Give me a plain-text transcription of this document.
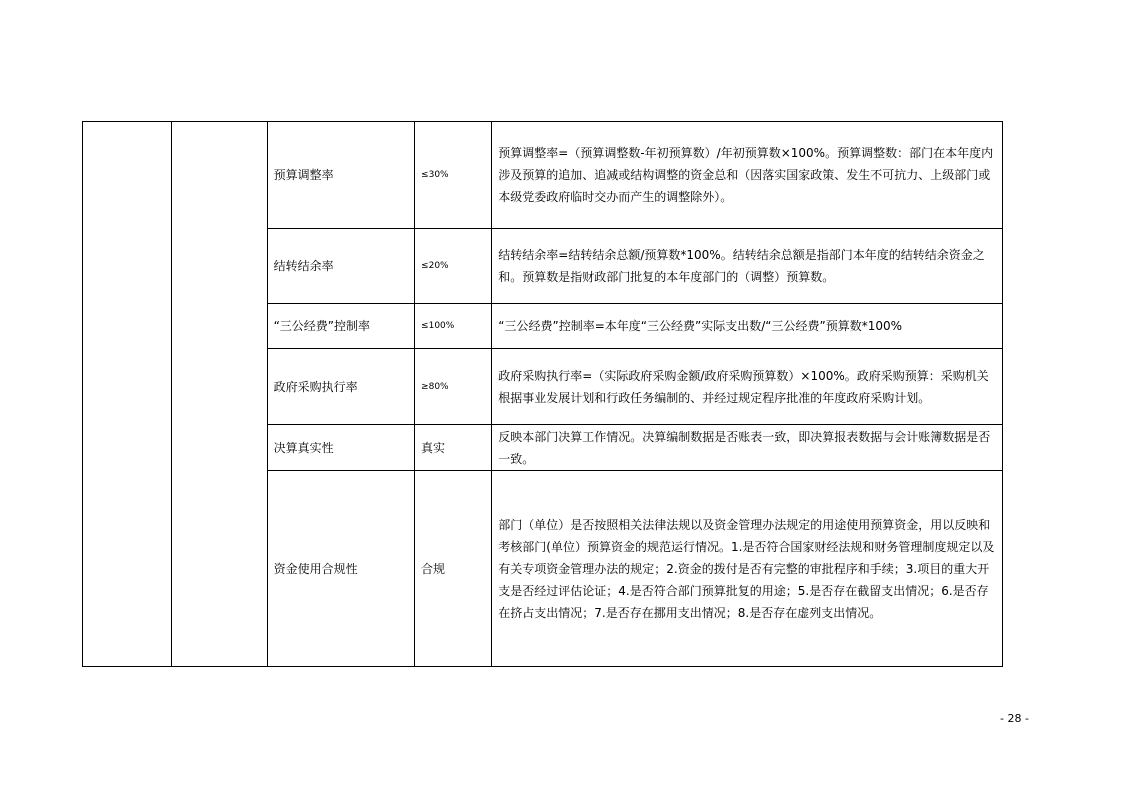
		预算调整率	≤30%	预算调整率=（预算调整数-年初预算数）/年初预算数×100%。预算调整数：部门在本年度内涉及预算的追加、追减或结构调整的资金总和（因落实国家政策、发生不可抗力、上级部门或本级党委政府临时交办而产生的调整除外）。
		结转结余率	≤20%	结转结余率=结转结余总额/预算数*100%。结转结余总额是指部门本年度的结转结余资金之和。预算数是指财政部门批复的本年度部门的（调整）预算数。
		“三公经费”控制率	≤100%	“三公经费”控制率=本年度“三公经费”实际支出数/“三公经费”预算数*100%
		政府采购执行率	≥80%	政府采购执行率=（实际政府采购金额/政府采购预算数）×100%。政府采购预算：采购机关根据事业发展计划和行政任务编制的、并经过规定程序批准的年度政府采购计划。
		决算真实性	真实	反映本部门决算工作情况。决算编制数据是否账表一致，即决算报表数据与会计账簿数据是否一致。
		资金使用合规性	合规	部门（单位）是否按照相关法律法规以及资金管理办法规定的用途使用预算资金，用以反映和考核部门(单位）预算资金的规范运行情况。1.是否符合国家财经法规和财务管理制度规定以及有关专项资金管理办法的规定；2.资金的拨付是否有完整的审批程序和手续；3.项目的重大开支是否经过评估论证；4.是否符合部门预算批复的用途；5.是否存在截留支出情况；6.是否存在挤占支出情况；7.是否存在挪用支出情况；8.是否存在虚列支出情况。
- 28 -
